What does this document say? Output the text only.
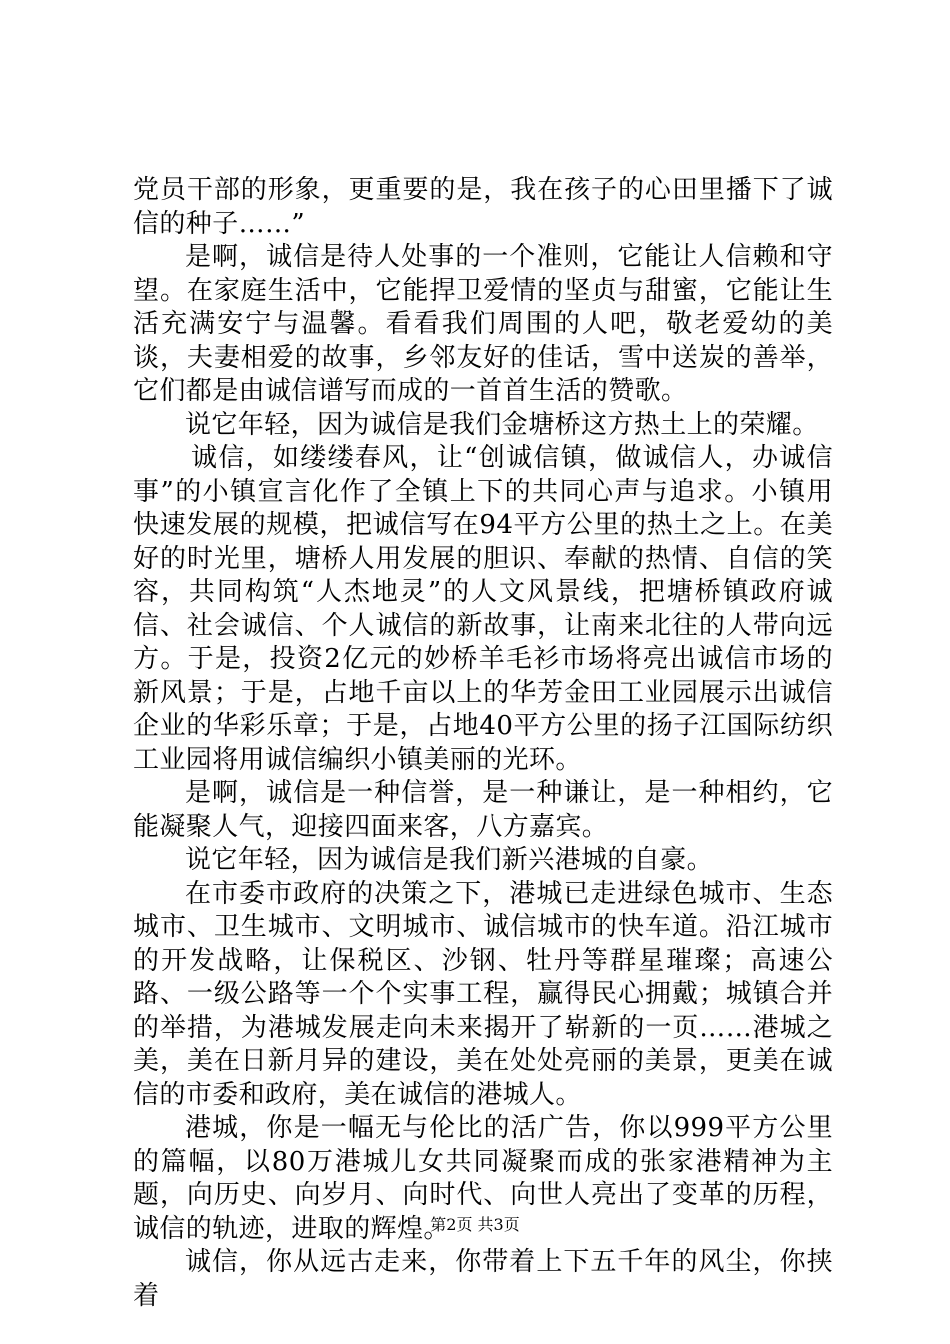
党员干部的形象，更重要的是，我在孩子的心田里播下了诚信的种子……”

是啊，诚信是待人处事的一个准则，它能让人信赖和守望。在家庭生活中，它能捍卫爱情的坚贞与甜蜜，它能让生活充满安宁与温馨。看看我们周围的人吧，敬老爱幼的美谈，夫妻相爱的故事，乡邻友好的佳话，雪中送炭的善举，它们都是由诚信谱写而成的一首首生活的赞歌。

说它年轻，因为诚信是我们金塘桥这方热土上的荣耀。

诚信，如缕缕春风，让“创诚信镇，做诚信人，办诚信事”的小镇宣言化作了全镇上下的共同心声与追求。小镇用快速发展的规模，把诚信写在94平方公里的热土之上。在美好的时光里，塘桥人用发展的胆识、奉献的热情、自信的笑容，共同构筑“人杰地灵”的人文风景线，把塘桥镇政府诚信、社会诚信、个人诚信的新故事，让南来北往的人带向远方。于是，投资2亿元的妙桥羊毛衫市场将亮出诚信市场的新风景；于是，占地千亩以上的华芳金田工业园展示出诚信企业的华彩乐章；于是，占地40平方公里的扬子江国际纺织工业园将用诚信编织小镇美丽的光环。

是啊，诚信是一种信誉，是一种谦让，是一种相约，它能凝聚人气，迎接四面来客，八方嘉宾。

说它年轻，因为诚信是我们新兴港城的自豪。

在市委市政府的决策之下，港城已走进绿色城市、生态城市、卫生城市、文明城市、诚信城市的快车道。沿江城市的开发战略，让保税区、沙钢、牡丹等群星璀璨；高速公路、一级公路等一个个实事工程，赢得民心拥戴；城镇合并的举措，为港城发展走向未来揭开了崭新的一页……港城之美，美在日新月异的建设，美在处处亮丽的美景，更美在诚信的市委和政府，美在诚信的港城人。

港城，你是一幅无与伦比的活广告，你以999平方公里的篇幅，以80万港城儿女共同凝聚而成的张家港精神为主题，向历史、向岁月、向时代、向世人亮出了变革的历程，诚信的轨迹，进取的辉煌。

诚信，你从远古走来，你带着上下五千年的风尘，你挟着

第2页 共3页
